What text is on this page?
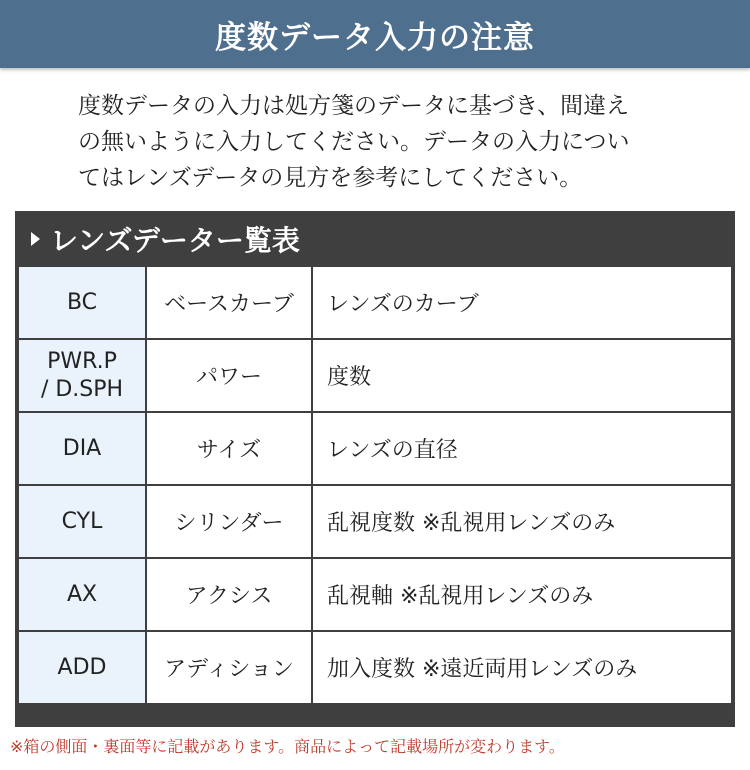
度数データ入力の注意
度数データの入力は処方箋のデータに基づき、間違え
の無いように入力してください。データの入力につい
てはレンズデータの見方を参考にしてください。
レンズデーター覧表
BC	ベースカーブ	レンズのカーブ

PWR.P
/ D.SPH	パワー	度数

DIA	サイズ	レンズの直径

CYL	シリンダー	乱視度数 ※乱視用レンズのみ

AX	アクシス	乱視軸 ※乱視用レンズのみ

ADD	アディション	加入度数 ※遠近両用レンズのみ
※箱の側面・裏面等に記載があります。商品によって記載場所が変わります。
